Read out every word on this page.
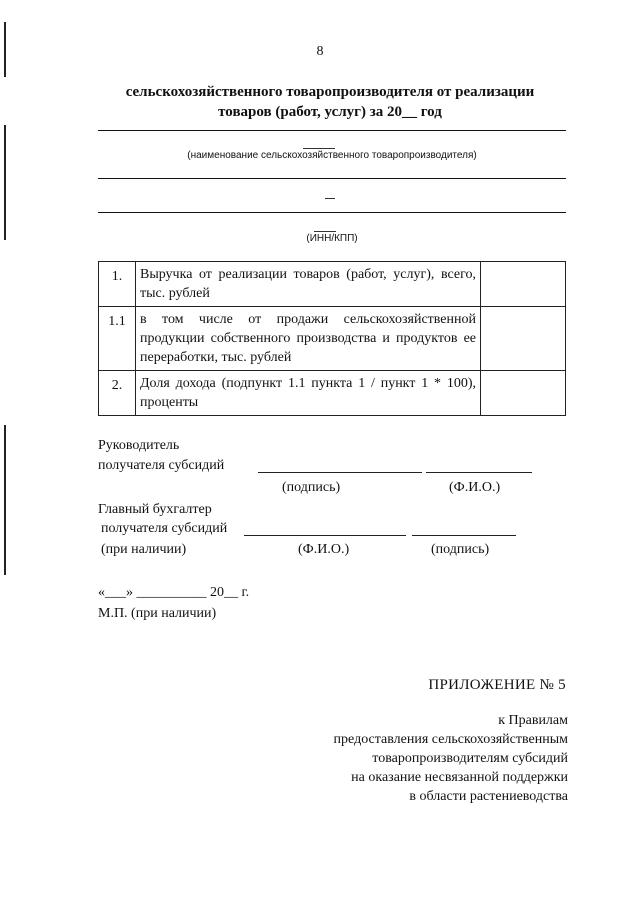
8
сельскохозяйственного товаропроизводителя от реализации
товаров (работ, услуг) за 20__ год
(наименование сельскохозяйственного товаропроизводителя)
(ИНН/КПП)
1.	Выручка от реализации товаров (работ, услуг), всего, тыс. рублей	
1.1	в том числе от продажи сельскохозяйственной продукции собственного производства и продуктов ее переработки, тыс. рублей	
2.	Доля дохода (подпункт 1.1 пункта 1 / пункт 1 * 100), проценты	
Руководитель
получателя субсидий
(подпись)	(Ф.И.О.)
Главный бухгалтер
получателя субсидий
(при наличии)	(Ф.И.О.)	(подпись)
«___» __________ 20__ г.
М.П. (при наличии)
ПРИЛОЖЕНИЕ № 5
к Правилам
предоставления сельскохозяйственным
товаропроизводителям субсидий
на оказание несвязанной поддержки
в области растениеводства
